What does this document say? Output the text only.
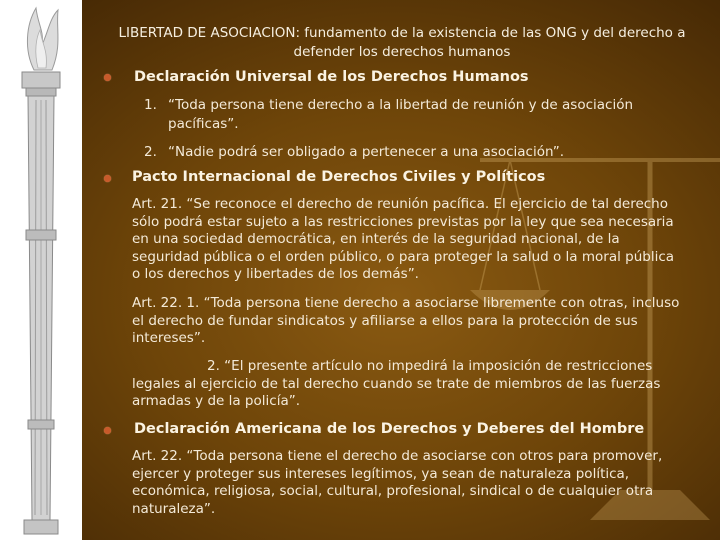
LIBERTAD DE ASOCIACION: fundamento de la existencia de las ONG y del derecho a defender los derechos humanos
Declaración Universal de los Derechos Humanos
1. “Toda persona tiene derecho a la libertad de reunión y de asociación pacíficas”.
2. “Nadie podrá ser obligado a pertenecer a una asociación”.
Pacto Internacional de Derechos Civiles y Políticos
Art. 21. “Se reconoce el derecho de reunión pacífica. El ejercicio de tal derecho sólo podrá estar sujeto a las restricciones previstas por la ley que sea necesaria en una sociedad democrática, en interés de la seguridad nacional, de la seguridad pública o el orden público, o para proteger la salud o la moral pública o los derechos y libertades de los demás”.
Art. 22. 1. “Toda persona tiene derecho a asociarse libremente con otras, incluso el derecho de fundar sindicatos y afiliarse a ellos para la protección de sus intereses”.
2. “El presente artículo no impedirá la imposición de restricciones legales al ejercicio de tal derecho cuando se trate de miembros de las fuerzas armadas y de la policía”.
Declaración Americana de los Derechos y Deberes del Hombre
Art. 22. “Toda persona tiene el derecho de asociarse con otros para promover, ejercer y proteger sus intereses legítimos, ya sean de naturaleza política, económica, religiosa, social, cultural, profesional, sindical o de cualquier otra naturaleza”.
